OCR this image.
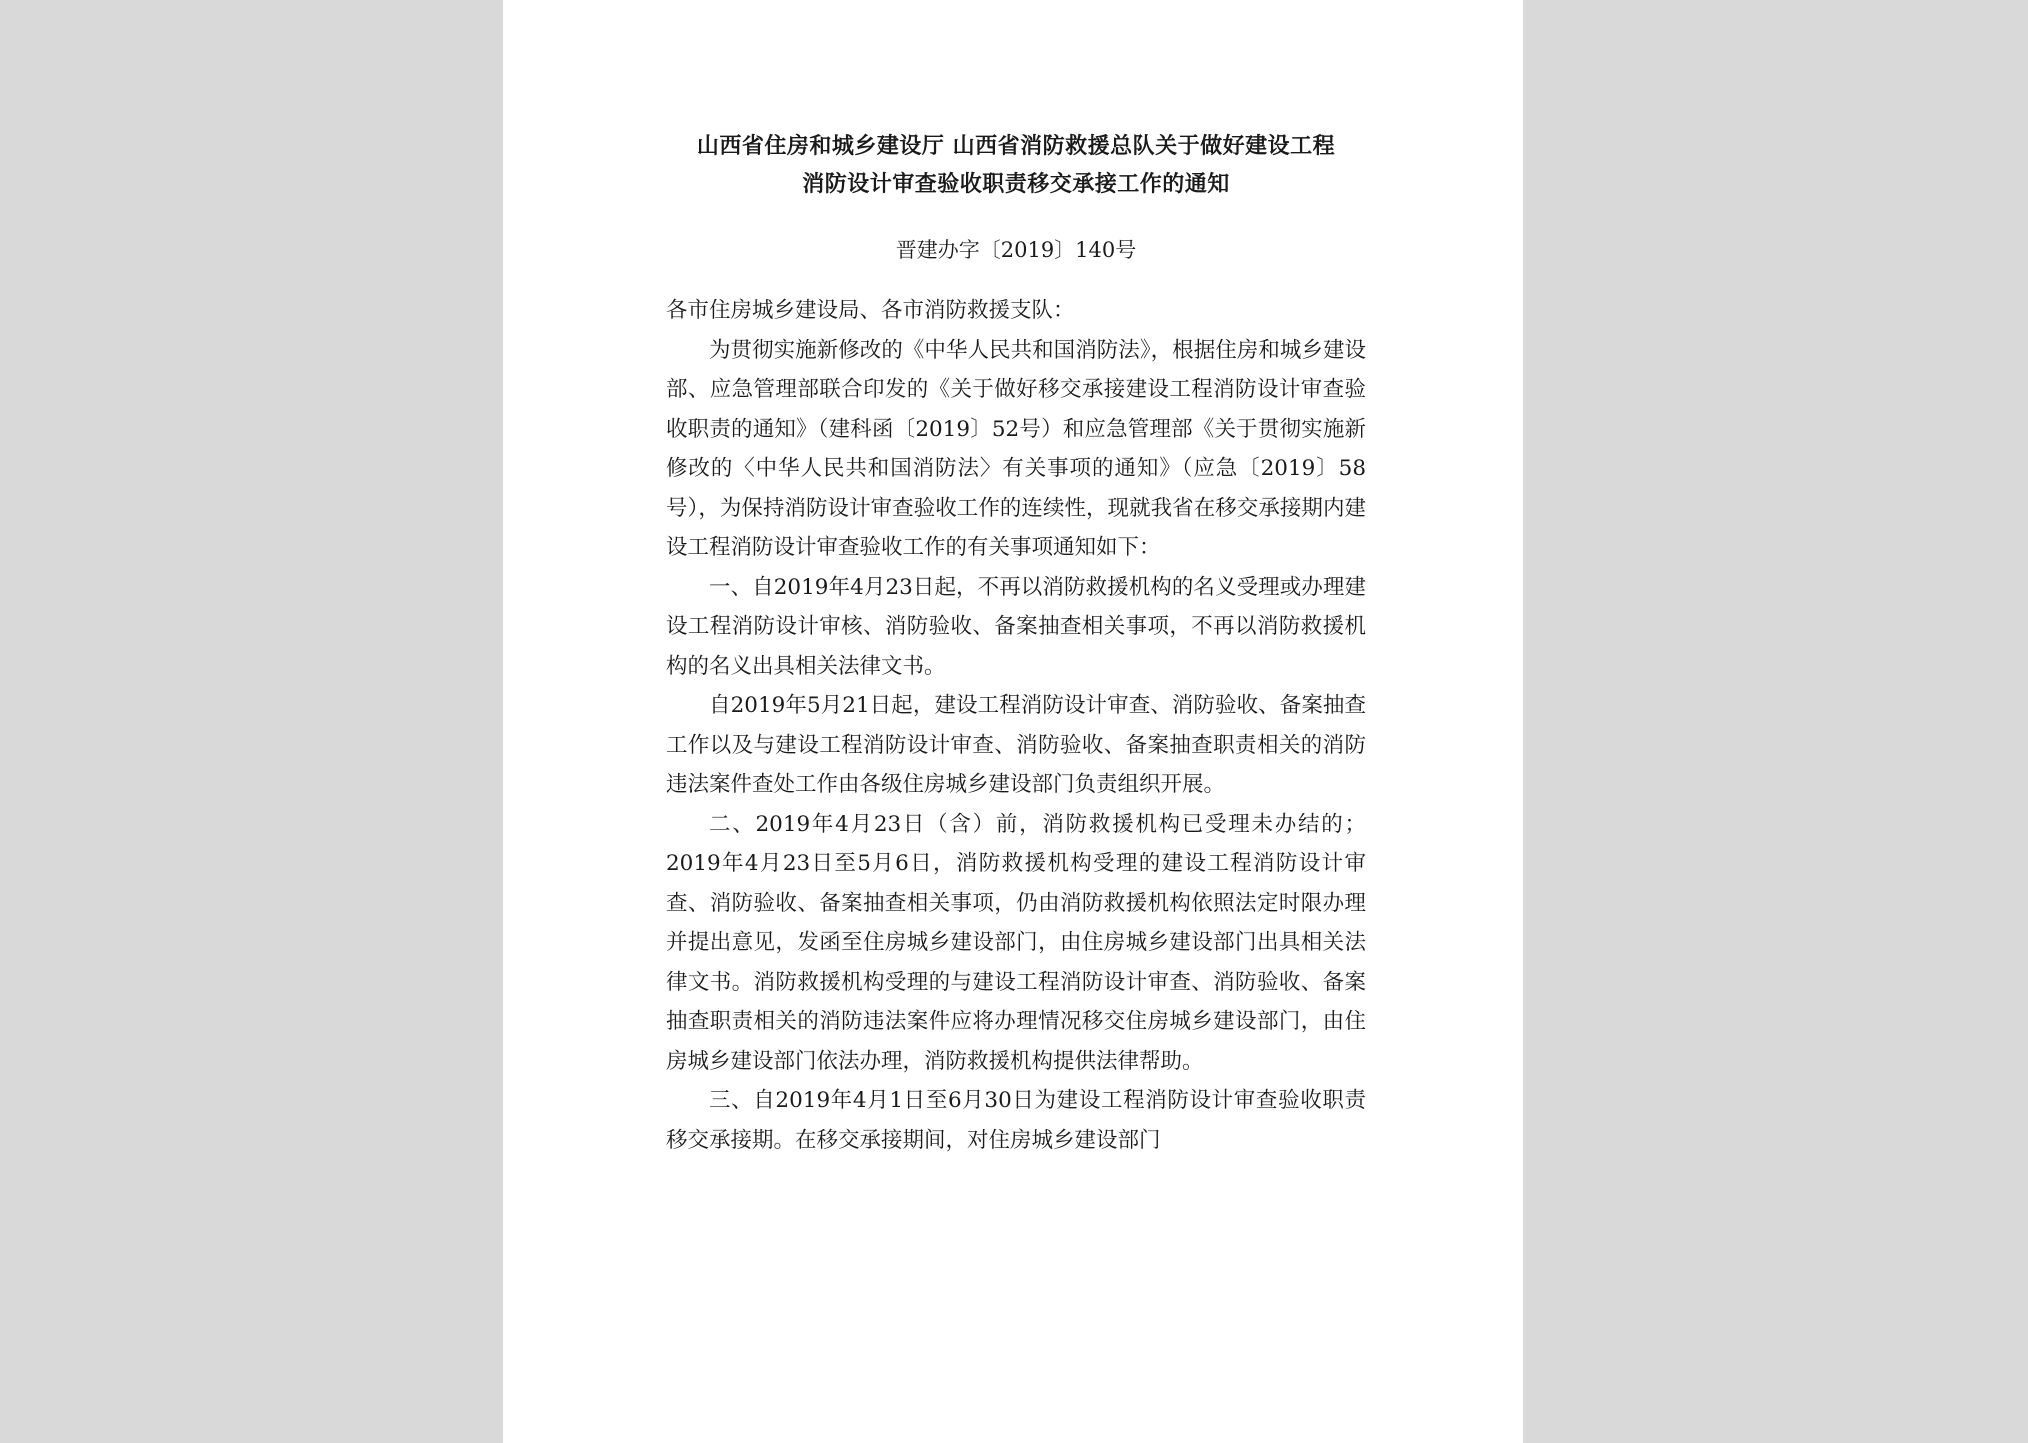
山西省住房和城乡建设厅 山西省消防救援总队关于做好建设工程

消防设计审查验收职责移交承接工作的通知

晋建办字〔2019〕140号

各市住房城乡建设局、各市消防救援支队：

为贯彻实施新修改的《中华人民共和国消防法》，根据住房和城乡建设部、应急管理部联合印发的《关于做好移交承接建设工程消防设计审查验收职责的通知》（建科函〔2019〕52号）和应急管理部《关于贯彻实施新修改的〈中华人民共和国消防法〉有关事项的通知》（应急〔2019〕58号），为保持消防设计审查验收工作的连续性，现就我省在移交承接期内建设工程消防设计审查验收工作的有关事项通知如下：

一、自2019年4月23日起，不再以消防救援机构的名义受理或办理建设工程消防设计审核、消防验收、备案抽查相关事项，不再以消防救援机构的名义出具相关法律文书。

自2019年5月21日起，建设工程消防设计审查、消防验收、备案抽查工作以及与建设工程消防设计审查、消防验收、备案抽查职责相关的消防违法案件查处工作由各级住房城乡建设部门负责组织开展。

二、2019年4月23日（含）前，消防救援机构已受理未办结的；2019年4月23日至5月6日，消防救援机构受理的建设工程消防设计审查、消防验收、备案抽查相关事项，仍由消防救援机构依照法定时限办理并提出意见，发函至住房城乡建设部门，由住房城乡建设部门出具相关法律文书。消防救援机构受理的与建设工程消防设计审查、消防验收、备案抽查职责相关的消防违法案件应将办理情况移交住房城乡建设部门，由住房城乡建设部门依法办理，消防救援机构提供法律帮助。

三、自2019年4月1日至6月30日为建设工程消防设计审查验收职责移交承接期。在移交承接期间，对住房城乡建设部门
